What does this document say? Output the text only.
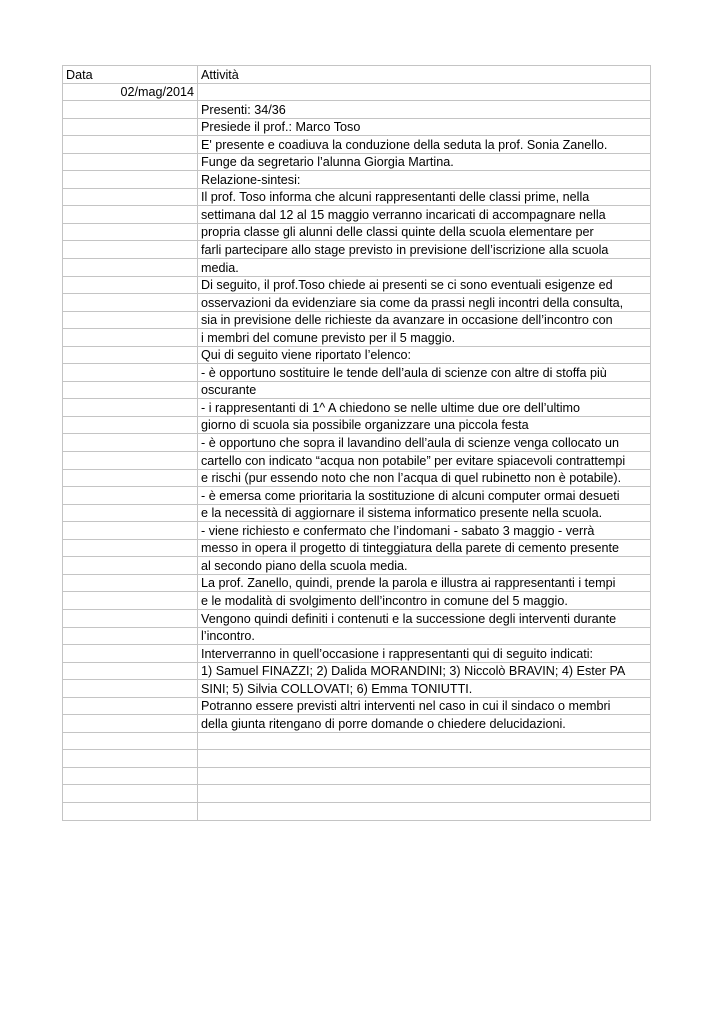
Data	Attività
02/mag/2014	
	Presenti: 34/36
	Presiede il prof.: Marco Toso
	E' presente e coadiuva la conduzione della seduta la prof. Sonia Zanello.
	Funge da segretario l’alunna Giorgia Martina.
	Relazione-sintesi:
	Il prof. Toso informa che alcuni rappresentanti delle classi prime, nella
	settimana dal 12 al 15 maggio verranno incaricati di accompagnare nella
	propria classe gli alunni delle classi quinte della scuola elementare per
	farli partecipare allo stage previsto in previsione dell’iscrizione alla scuola
	media.
	Di seguito, il prof.Toso chiede ai presenti se ci sono eventuali esigenze ed
	osservazioni da evidenziare sia come da prassi negli incontri della consulta,
	sia in previsione delle richieste da avanzare in occasione dell’incontro con
	i membri del comune previsto per il 5 maggio.
	Qui di seguito viene riportato l’elenco:
	- è opportuno sostituire le tende dell’aula di scienze con altre di stoffa più
	oscurante
	- i rappresentanti di 1^ A chiedono se nelle ultime due ore dell’ultimo
	giorno di scuola sia possibile organizzare una piccola festa
	- è opportuno che sopra il lavandino dell’aula di scienze venga collocato un
	cartello con indicato “acqua non potabile” per evitare spiacevoli contrattempi
	e rischi (pur essendo noto che non l’acqua di quel rubinetto non è potabile).
	- è emersa come prioritaria la sostituzione di alcuni computer ormai desueti
	e la necessità di aggiornare il sistema informatico presente nella scuola.
	- viene richiesto e confermato che l’indomani - sabato 3 maggio - verrà
	messo in opera il progetto di tinteggiatura della parete di cemento presente
	al secondo piano della scuola media.
	La prof. Zanello, quindi, prende la parola e illustra ai rappresentanti i tempi
	e le modalità di svolgimento dell’incontro in comune del 5 maggio.
	Vengono quindi definiti i contenuti e la successione degli interventi durante
	l’incontro.
	Interverranno in quell’occasione i rappresentanti qui di seguito indicati:
	1) Samuel FINAZZI; 2) Dalida MORANDINI; 3) Niccolò BRAVIN; 4) Ester PA
	SINI; 5) Silvia COLLOVATI; 6) Emma TONIUTTI.
	Potranno essere previsti altri interventi nel caso in cui il sindaco o membri
	della giunta ritengano di porre domande o chiedere delucidazioni.
